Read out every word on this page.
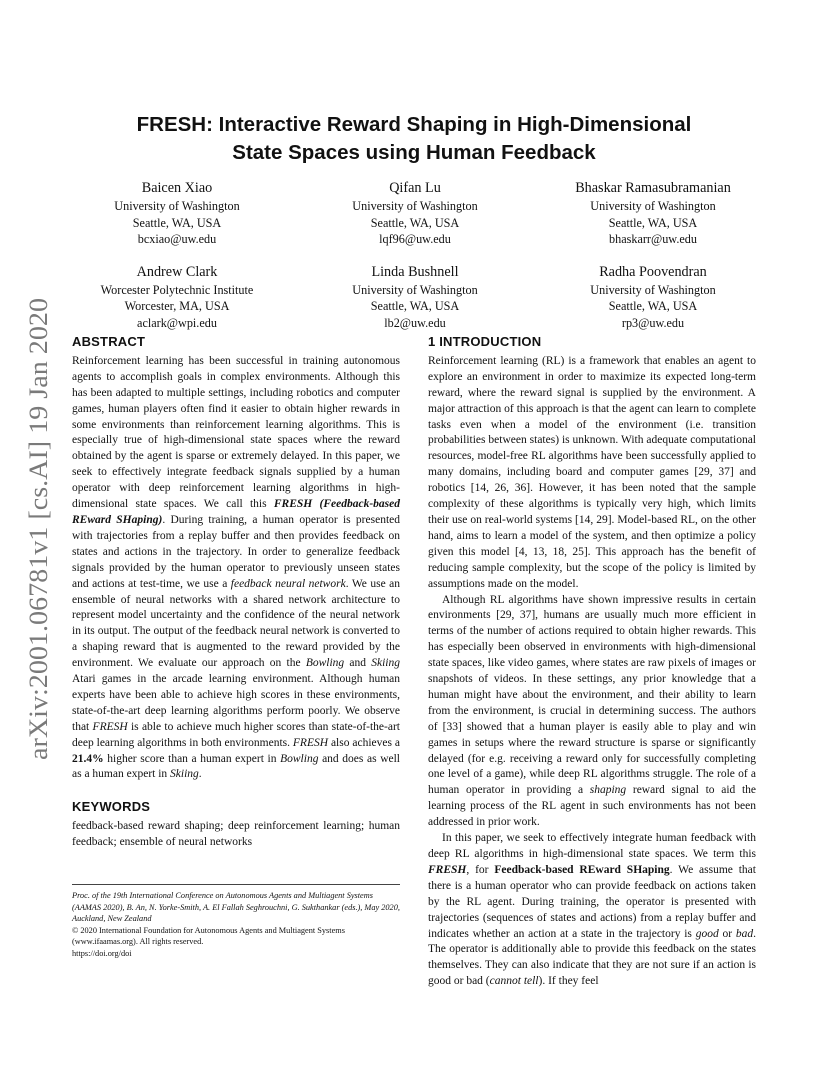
arXiv:2001.06781v1 [cs.AI] 19 Jan 2020
FRESH: Interactive Reward Shaping in High-Dimensional
State Spaces using Human Feedback
Baicen Xiao
University of Washington
Seattle, WA, USA
bcxiao@uw.edu
Qifan Lu
University of Washington
Seattle, WA, USA
lqf96@uw.edu
Bhaskar Ramasubramanian
University of Washington
Seattle, WA, USA
bhaskarr@uw.edu
Andrew Clark
Worcester Polytechnic Institute
Worcester, MA, USA
aclark@wpi.edu
Linda Bushnell
University of Washington
Seattle, WA, USA
lb2@uw.edu
Radha Poovendran
University of Washington
Seattle, WA, USA
rp3@uw.edu
ABSTRACT

Reinforcement learning has been successful in training autonomous agents to accomplish goals in complex environments. Although this has been adapted to multiple settings, including robotics and computer games, human players often find it easier to obtain higher rewards in some environments than reinforcement learning algorithms. This is especially true of high-dimensional state spaces where the reward obtained by the agent is sparse or extremely delayed. In this paper, we seek to effectively integrate feedback signals supplied by a human operator with deep reinforcement learning algorithms in high-dimensional state spaces. We call this FRESH (Feedback-based REward SHaping). During training, a human operator is presented with trajectories from a replay buffer and then provides feedback on states and actions in the trajectory. In order to generalize feedback signals provided by the human operator to previously unseen states and actions at test-time, we use a feedback neural network. We use an ensemble of neural networks with a shared network architecture to represent model uncertainty and the confidence of the neural network in its output. The output of the feedback neural network is converted to a shaping reward that is augmented to the reward provided by the environment. We evaluate our approach on the Bowling and Skiing Atari games in the arcade learning environment. Although human experts have been able to achieve high scores in these environments, state-of-the-art deep learning algorithms perform poorly. We observe that FRESH is able to achieve much higher scores than state-of-the-art deep learning algorithms in both environments. FRESH also achieves a 21.4% higher score than a human expert in Bowling and does as well as a human expert in Skiing.

KEYWORDS

feedback-based reward shaping; deep reinforcement learning; human feedback; ensemble of neural networks

Proc. of the 19th International Conference on Autonomous Agents and Multiagent Systems (AAMAS 2020), B. An, N. Yorke-Smith, A. El Fallah Seghrouchni, G. Sukthankar (eds.), May 2020, Auckland, New Zealand

© 2020 International Foundation for Autonomous Agents and Multiagent Systems (www.ifaamas.org). All rights reserved.

https://doi.org/doi

1 INTRODUCTION

Reinforcement learning (RL) is a framework that enables an agent to explore an environment in order to maximize its expected long-term reward, where the reward signal is supplied by the environment. A major attraction of this approach is that the agent can learn to complete tasks even when a model of the environment (i.e. transition probabilities between states) is unknown. With adequate computational resources, model-free RL algorithms have been successfully applied to many domains, including board and computer games [29, 37] and robotics [14, 26, 36]. However, it has been noted that the sample complexity of these algorithms is typically very high, which limits their use on real-world systems [14, 29]. Model-based RL, on the other hand, aims to learn a model of the system, and then optimize a policy given this model [4, 13, 18, 25]. This approach has the benefit of reducing sample complexity, but the scope of the policy is limited by assumptions made on the model.

Although RL algorithms have shown impressive results in certain environments [29, 37], humans are usually much more efficient in terms of the number of actions required to obtain higher rewards. This has especially been observed in environments with high-dimensional state spaces, like video games, where states are raw pixels of images or snapshots of videos. In these settings, any prior knowledge that a human might have about the environment, and their ability to learn from the environment, is crucial in determining success. The authors of [33] showed that a human player is easily able to play and win games in setups where the reward structure is sparse or significantly delayed (for e.g. receiving a reward only for successfully completing one level of a game), while deep RL algorithms struggle. The role of a human operator in providing a shaping reward signal to aid the learning process of the RL agent in such environments has not been addressed in prior work.

In this paper, we seek to effectively integrate human feedback with deep RL algorithms in high-dimensional state spaces. We term this FRESH, for Feedback-based REward SHaping. We assume that there is a human operator who can provide feedback on actions taken by the RL agent. During training, the operator is presented with trajectories (sequences of states and actions) from a replay buffer and indicates whether an action at a state in the trajectory is good or bad. The operator is additionally able to provide this feedback on the states themselves. They can also indicate that they are not sure if an action is good or bad (cannot tell). If they feel
